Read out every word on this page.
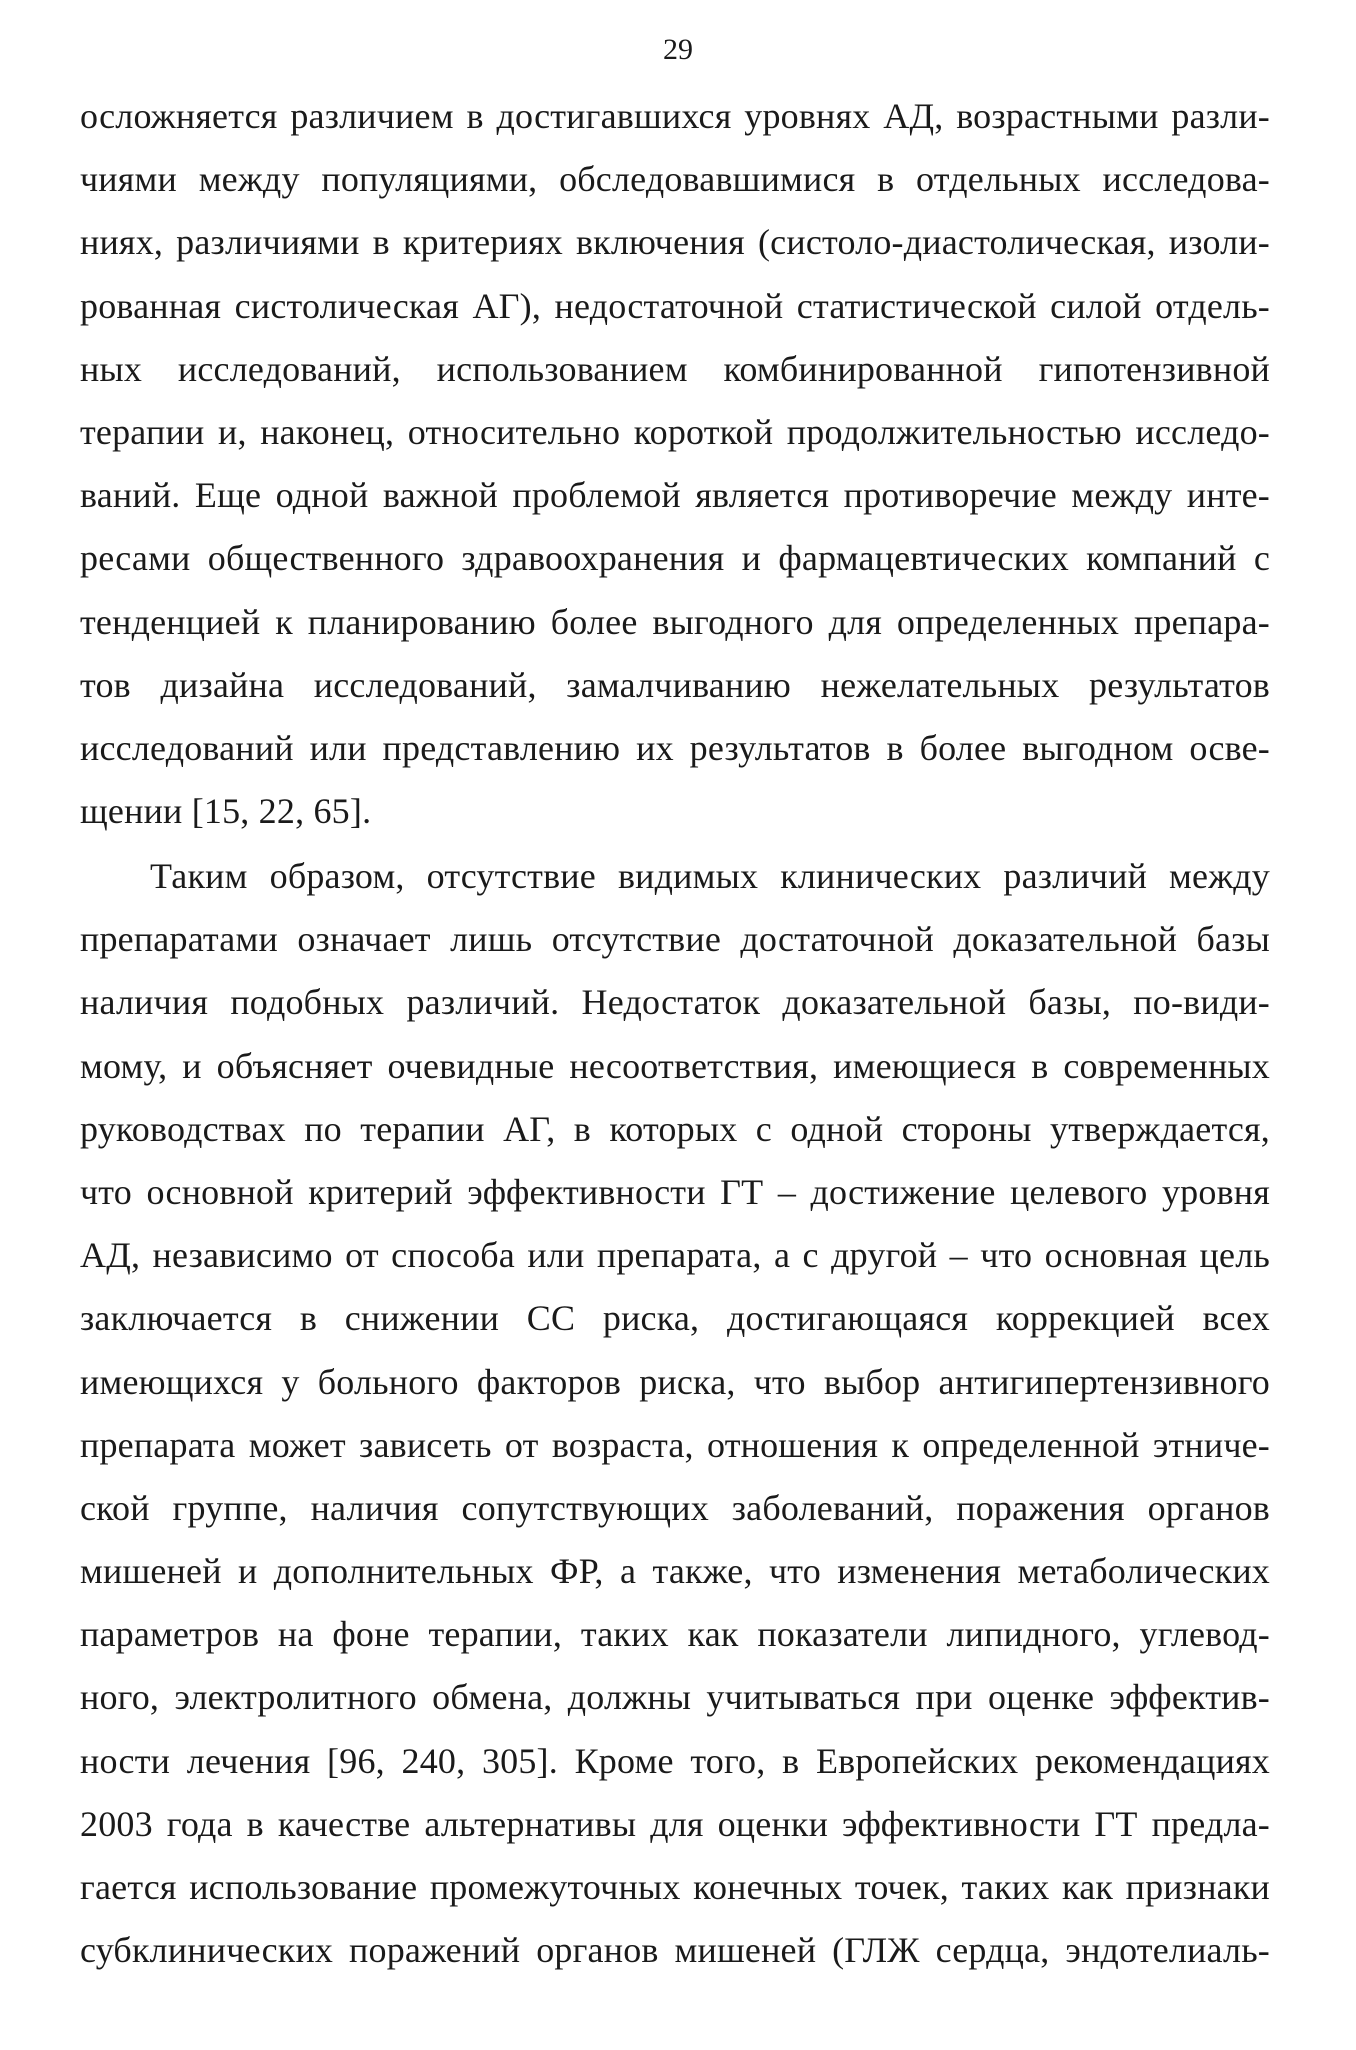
29
осложняется различием в достигавшихся уровнях АД, возрастными разли-
чиями между популяциями, обследовавшимися в отдельных исследова-
ниях, различиями в критериях включения (систоло-диастолическая, изоли-
рованная систолическая АГ), недостаточной статистической силой отдель-
ных исследований, использованием комбинированной гипотензивной
терапии и, наконец, относительно короткой продолжительностью исследо-
ваний. Еще одной важной проблемой является противоречие между инте-
ресами общественного здравоохранения и фармацевтических компаний с
тенденцией к планированию более выгодного для определенных препара-
тов дизайна исследований, замалчиванию нежелательных результатов
исследований или представлению их результатов в более выгодном осве-
щении [15, 22, 65].
Таким образом, отсутствие видимых клинических различий между
препаратами означает лишь отсутствие достаточной доказательной базы
наличия подобных различий. Недостаток доказательной базы, по-види-
мому, и объясняет очевидные несоответствия, имеющиеся в современных
руководствах по терапии АГ, в которых с одной стороны утверждается,
что основной критерий эффективности ГТ – достижение целевого уровня
АД, независимо от способа или препарата, а с другой – что основная цель
заключается в снижении СС риска, достигающаяся коррекцией всех
имеющихся у больного факторов риска, что выбор антигипертензивного
препарата может зависеть от возраста, отношения к определенной этниче-
ской группе, наличия сопутствующих заболеваний, поражения органов
мишеней и дополнительных ФР, а также, что изменения метаболических
параметров на фоне терапии, таких как показатели липидного, углевод-
ного, электролитного обмена, должны учитываться при оценке эффектив-
ности лечения [96, 240, 305]. Кроме того, в Европейских рекомендациях
2003 года в качестве альтернативы для оценки эффективности ГТ предла-
гается использование промежуточных конечных точек, таких как признаки
субклинических поражений органов мишеней (ГЛЖ сердца, эндотелиаль-
